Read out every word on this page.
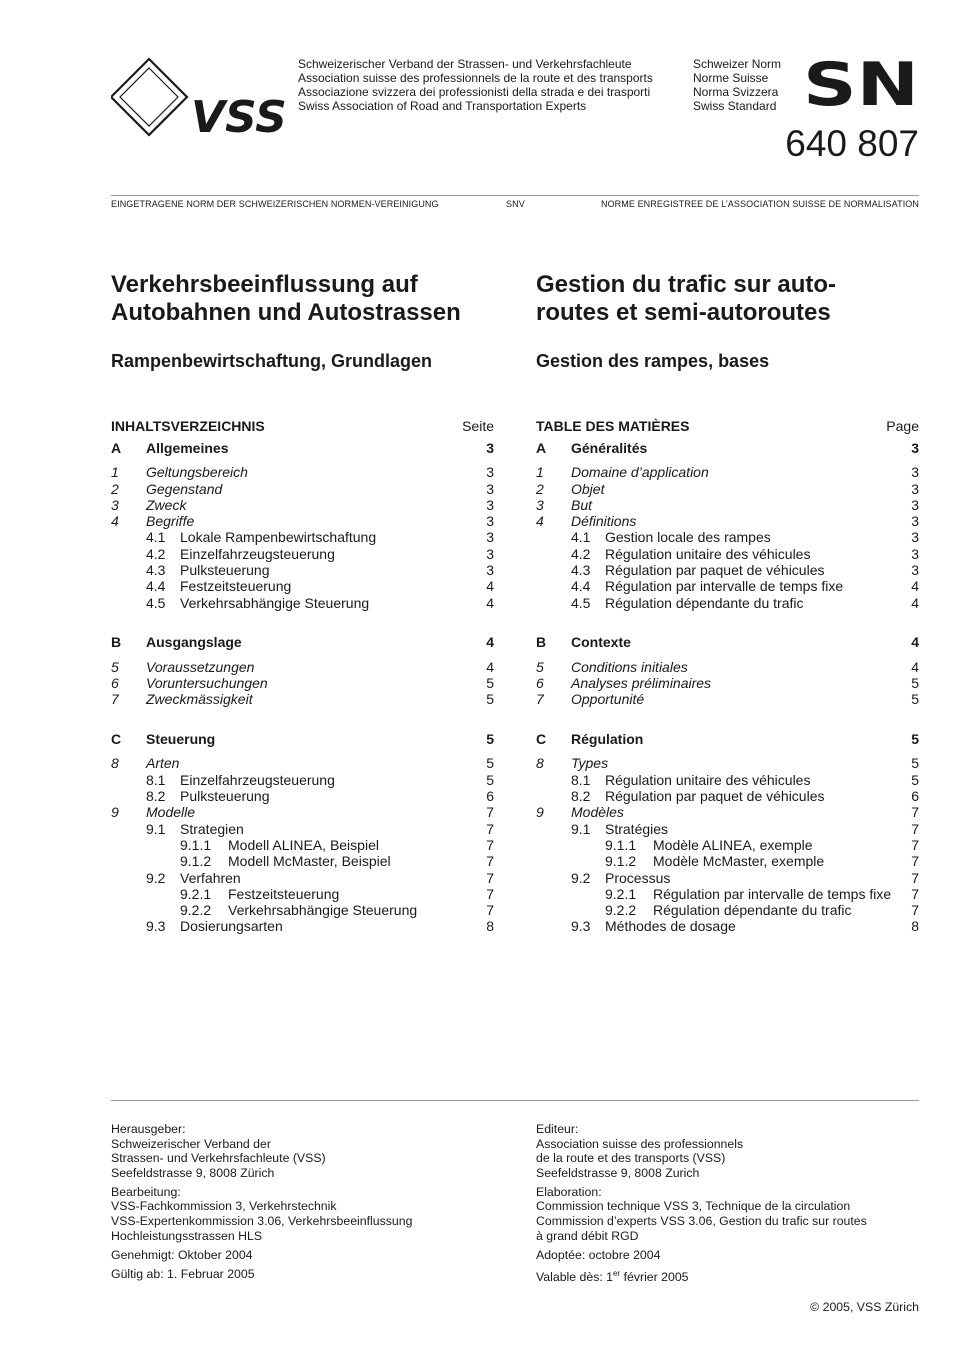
VSS
Schweizerischer Verband der Strassen- und Verkehrsfachleute
Association suisse des professionnels de la route et des transports
Associazione svizzera dei professionisti della strada e dei trasporti
Swiss Association of Road and Transportation Experts
Schweizer Norm
Norme Suisse
Norma Svizzera
Swiss Standard SN
640 807
EINGETRAGENE NORM DER SCHWEIZERISCHEN NORMEN-VEREINIGUNG	SNV	NORME ENREGISTREE DE L’ASSOCIATION SUISSE DE NORMALISATION
Verkehrsbeeinflussung auf
Autobahnen und Autostrassen
Gestion du trafic sur auto-
routes et semi-autoroutes
Rampenbewirtschaftung, Grundlagen	Gestion des rampes, bases
INHALTSVERZEICHNIS	Seite
A Allgemeines	3
1 Geltungsbereich	3
2 Gegenstand	3
3 Zweck	3
4 Begriffe	3
4.1 Lokale Rampenbewirtschaftung	3
4.2 Einzelfahrzeugsteuerung	3
4.3 Pulksteuerung	3
4.4 Festzeitsteuerung	4
4.5 Verkehrsabhängige Steuerung	4
B Ausgangslage	4
5 Voraussetzungen	4
6 Voruntersuchungen	5
7 Zweckmässigkeit	5
C Steuerung	5
8 Arten	5
8.1 Einzelfahrzeugsteuerung	5
8.2 Pulksteuerung	6
9 Modelle	7
9.1 Strategien	7
9.1.1 Modell ALINEA, Beispiel	7
9.1.2 Modell McMaster, Beispiel	7
9.2 Verfahren	7
9.2.1 Festzeitsteuerung	7
9.2.2 Verkehrsabhängige Steuerung	7
9.3 Dosierungsarten	8
TABLE DES MATIÈRES	Page
A Généralités	3
1 Domaine d’application	3
2 Objet	3
3 But	3
4 Définitions	3
4.1 Gestion locale des rampes	3
4.2 Régulation unitaire des véhicules	3
4.3 Régulation par paquet de véhicules	3
4.4 Régulation par intervalle de temps fixe	4
4.5 Régulation dépendante du trafic	4
B Contexte	4
5 Conditions initiales	4
6 Analyses préliminaires	5
7 Opportunité	5
C Régulation	5
8 Types	5
8.1 Régulation unitaire des véhicules	5
8.2 Régulation par paquet de véhicules	6
9 Modèles	7
9.1 Stratégies	7
9.1.1 Modèle ALINEA, exemple	7
9.1.2 Modèle McMaster, exemple	7
9.2 Processus	7
9.2.1 Régulation par intervalle de temps fixe 7
9.2.2 Régulation dépendante du trafic	7
9.3 Méthodes de dosage	8
Herausgeber:
Schweizerischer Verband der
Strassen- und Verkehrsfachleute (VSS)
Seefeldstrasse 9, 8008 Zürich
Bearbeitung:
VSS-Fachkommission 3, Verkehrstechnik
VSS-Expertenkommission 3.06, Verkehrsbeeinflussung
Hochleistungsstrassen HLS
Genehmigt: Oktober 2004
Gültig ab: 1. Februar 2005
Editeur:
Association suisse des professionnels
de la route et des transports (VSS)
Seefeldstrasse 9, 8008 Zurich
Elaboration:
Commission technique VSS 3, Technique de la circulation
Commission d’experts VSS 3.06, Gestion du trafic sur routes
à grand débit RGD
Adoptée: octobre 2004
Valable dès: 1er février 2005
© 2005, VSS Zürich
